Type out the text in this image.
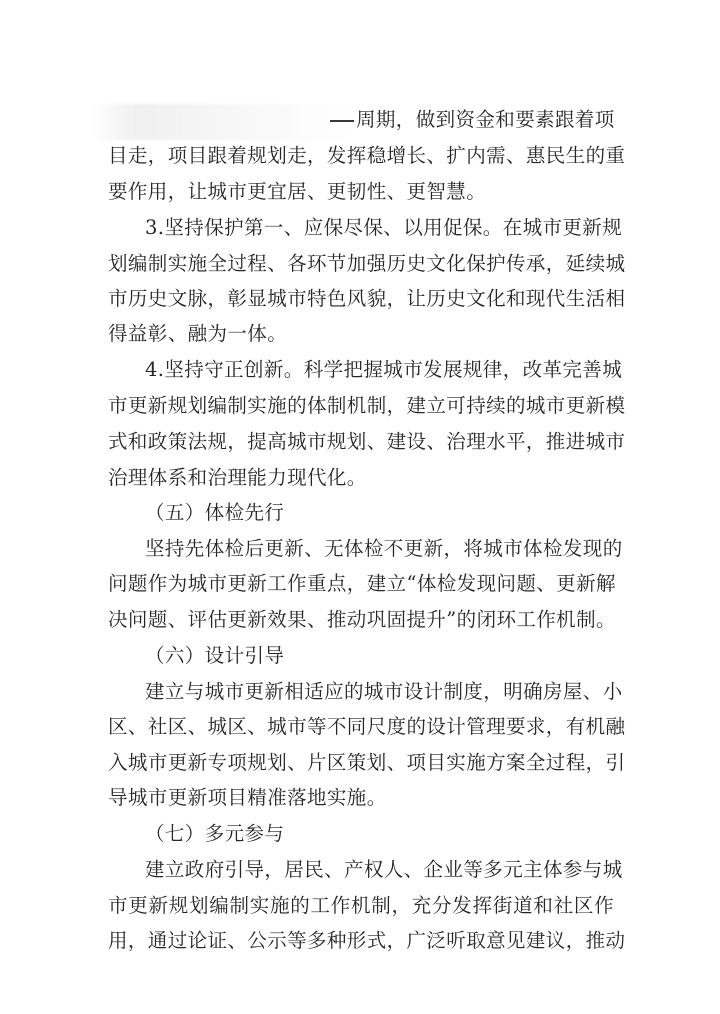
周期，做到资金和要素跟着项
目走，项目跟着规划走，发挥稳增长、扩内需、惠民生的重
要作用，让城市更宜居、更韧性、更智慧。
3.坚持保护第一、应保尽保、以用促保。在城市更新规
划编制实施全过程、各环节加强历史文化保护传承，延续城
市历史文脉，彰显城市特色风貌，让历史文化和现代生活相
得益彰、融为一体。
4.坚持守正创新。科学把握城市发展规律，改革完善城
市更新规划编制实施的体制机制，建立可持续的城市更新模
式和政策法规，提高城市规划、建设、治理水平，推进城市
治理体系和治理能力现代化。
（五）体检先行
坚持先体检后更新、无体检不更新，将城市体检发现的
问题作为城市更新工作重点，建立“体检发现问题、更新解
决问题、评估更新效果、推动巩固提升”的闭环工作机制。
（六）设计引导
建立与城市更新相适应的城市设计制度，明确房屋、小
区、社区、城区、城市等不同尺度的设计管理要求，有机融
入城市更新专项规划、片区策划、项目实施方案全过程，引
导城市更新项目精准落地实施。
（七）多元参与
建立政府引导，居民、产权人、企业等多元主体参与城
市更新规划编制实施的工作机制，充分发挥街道和社区作
用，通过论证、公示等多种形式，广泛听取意见建议，推动
